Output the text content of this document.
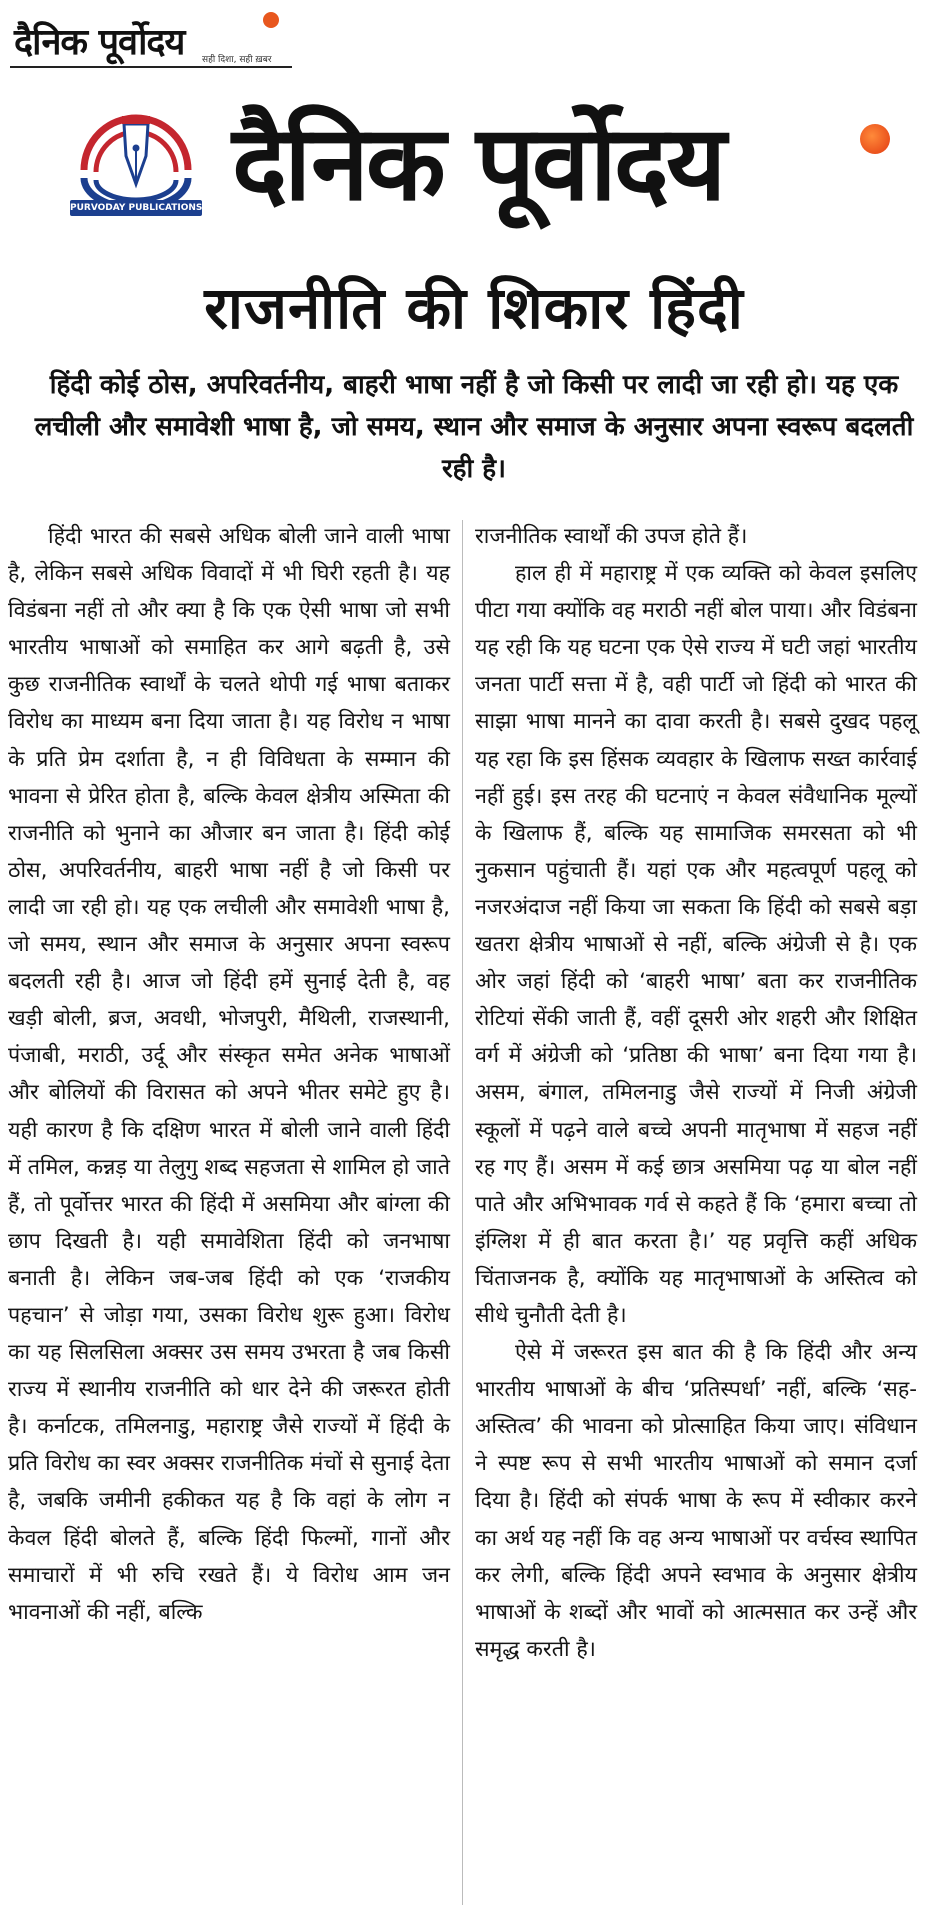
दैनिक पूर्वोदय सही दिशा, सही ख़बर
PURVODAY PUBLICATIONS दैनिक पूर्वोदय
राजनीति की शिकार हिंदी
हिंदी कोई ठोस, अपरिवर्तनीय, बाहरी भाषा नहीं है जो किसी पर लादी जा रही हो। यह एक लचीली और समावेशी भाषा है, जो समय, स्थान और समाज के अनुसार अपना स्वरूप बदलती रही है।

हिंदी भारत की सबसे अधिक बोली जाने वाली भाषा है, लेकिन सबसे अधिक विवादों में भी घिरी रहती है। यह विडंबना नहीं तो और क्या है कि एक ऐसी भाषा जो सभी भारतीय भाषाओं को समाहित कर आगे बढ़ती है, उसे कुछ राजनीतिक स्वार्थों के चलते थोपी गई भाषा बताकर विरोध का माध्यम बना दिया जाता है। यह विरोध न भाषा के प्रति प्रेम दर्शाता है, न ही विविधता के सम्मान की भावना से प्रेरित होता है, बल्कि केवल क्षेत्रीय अस्मिता की राजनीति को भुनाने का औजार बन जाता है। हिंदी कोई ठोस, अपरिवर्तनीय, बाहरी भाषा नहीं है जो किसी पर लादी जा रही हो। यह एक लचीली और समावेशी भाषा है, जो समय, स्थान और समाज के अनुसार अपना स्वरूप बदलती रही है। आज जो हिंदी हमें सुनाई देती है, वह खड़ी बोली, ब्रज, अवधी, भोजपुरी, मैथिली, राजस्थानी, पंजाबी, मराठी, उर्दू और संस्कृत समेत अनेक भाषाओं और बोलियों की विरासत को अपने भीतर समेटे हुए है। यही कारण है कि दक्षिण भारत में बोली जाने वाली हिंदी में तमिल, कन्नड़ या तेलुगु शब्द सहजता से शामिल हो जाते हैं, तो पूर्वोत्तर भारत की हिंदी में असमिया और बांग्ला की छाप दिखती है। यही समावेशिता हिंदी को जनभाषा बनाती है। लेकिन जब-जब हिंदी को एक ‘राजकीय पहचान’ से जोड़ा गया, उसका विरोध शुरू हुआ। विरोध का यह सिलसिला अक्सर उस समय उभरता है जब किसी राज्य में स्थानीय राजनीति को धार देने की जरूरत होती है। कर्नाटक, तमिलनाडु, महाराष्ट्र जैसे राज्यों में हिंदी के प्रति विरोध का स्वर अक्सर राजनीतिक मंचों से सुनाई देता है, जबकि जमीनी हकीकत यह है कि वहां के लोग न केवल हिंदी बोलते हैं, बल्कि हिंदी फिल्मों, गानों और समाचारों में भी रुचि रखते हैं। ये विरोध आम जन भावनाओं की नहीं, बल्कि

राजनीतिक स्वार्थों की उपज होते हैं।

हाल ही में महाराष्ट्र में एक व्यक्ति को केवल इसलिए पीटा गया क्योंकि वह मराठी नहीं बोल पाया। और विडंबना यह रही कि यह घटना एक ऐसे राज्य में घटी जहां भारतीय जनता पार्टी सत्ता में है, वही पार्टी जो हिंदी को भारत की साझा भाषा मानने का दावा करती है। सबसे दुखद पहलू यह रहा कि इस हिंसक व्यवहार के खिलाफ सख्त कार्रवाई नहीं हुई। इस तरह की घटनाएं न केवल संवैधानिक मूल्यों के खिलाफ हैं, बल्कि यह सामाजिक समरसता को भी नुकसान पहुंचाती हैं। यहां एक और महत्वपूर्ण पहलू को नजरअंदाज नहीं किया जा सकता कि हिंदी को सबसे बड़ा खतरा क्षेत्रीय भाषाओं से नहीं, बल्कि अंग्रेजी से है। एक ओर जहां हिंदी को ‘बाहरी भाषा’ बता कर राजनीतिक रोटियां सेंकी जाती हैं, वहीं दूसरी ओर शहरी और शिक्षित वर्ग में अंग्रेजी को ‘प्रतिष्ठा की भाषा’ बना दिया गया है। असम, बंगाल, तमिलनाडु जैसे राज्यों में निजी अंग्रेजी स्कूलों में पढ़ने वाले बच्चे अपनी मातृभाषा में सहज नहीं रह गए हैं। असम में कई छात्र असमिया पढ़ या बोल नहीं पाते और अभिभावक गर्व से कहते हैं कि ‘हमारा बच्चा तो इंग्लिश में ही बात करता है।’ यह प्रवृत्ति कहीं अधिक चिंताजनक है, क्योंकि यह मातृभाषाओं के अस्तित्व को सीधे चुनौती देती है।

ऐसे में जरूरत इस बात की है कि हिंदी और अन्य भारतीय भाषाओं के बीच ‘प्रतिस्पर्धा’ नहीं, बल्कि ‘सह-अस्तित्व’ की भावना को प्रोत्साहित किया जाए। संविधान ने स्पष्ट रूप से सभी भारतीय भाषाओं को समान दर्जा दिया है। हिंदी को संपर्क भाषा के रूप में स्वीकार करने का अर्थ यह नहीं कि वह अन्य भाषाओं पर वर्चस्व स्थापित कर लेगी, बल्कि हिंदी अपने स्वभाव के अनुसार क्षेत्रीय भाषाओं के शब्दों और भावों को आत्मसात कर उन्हें और समृद्ध करती है।
